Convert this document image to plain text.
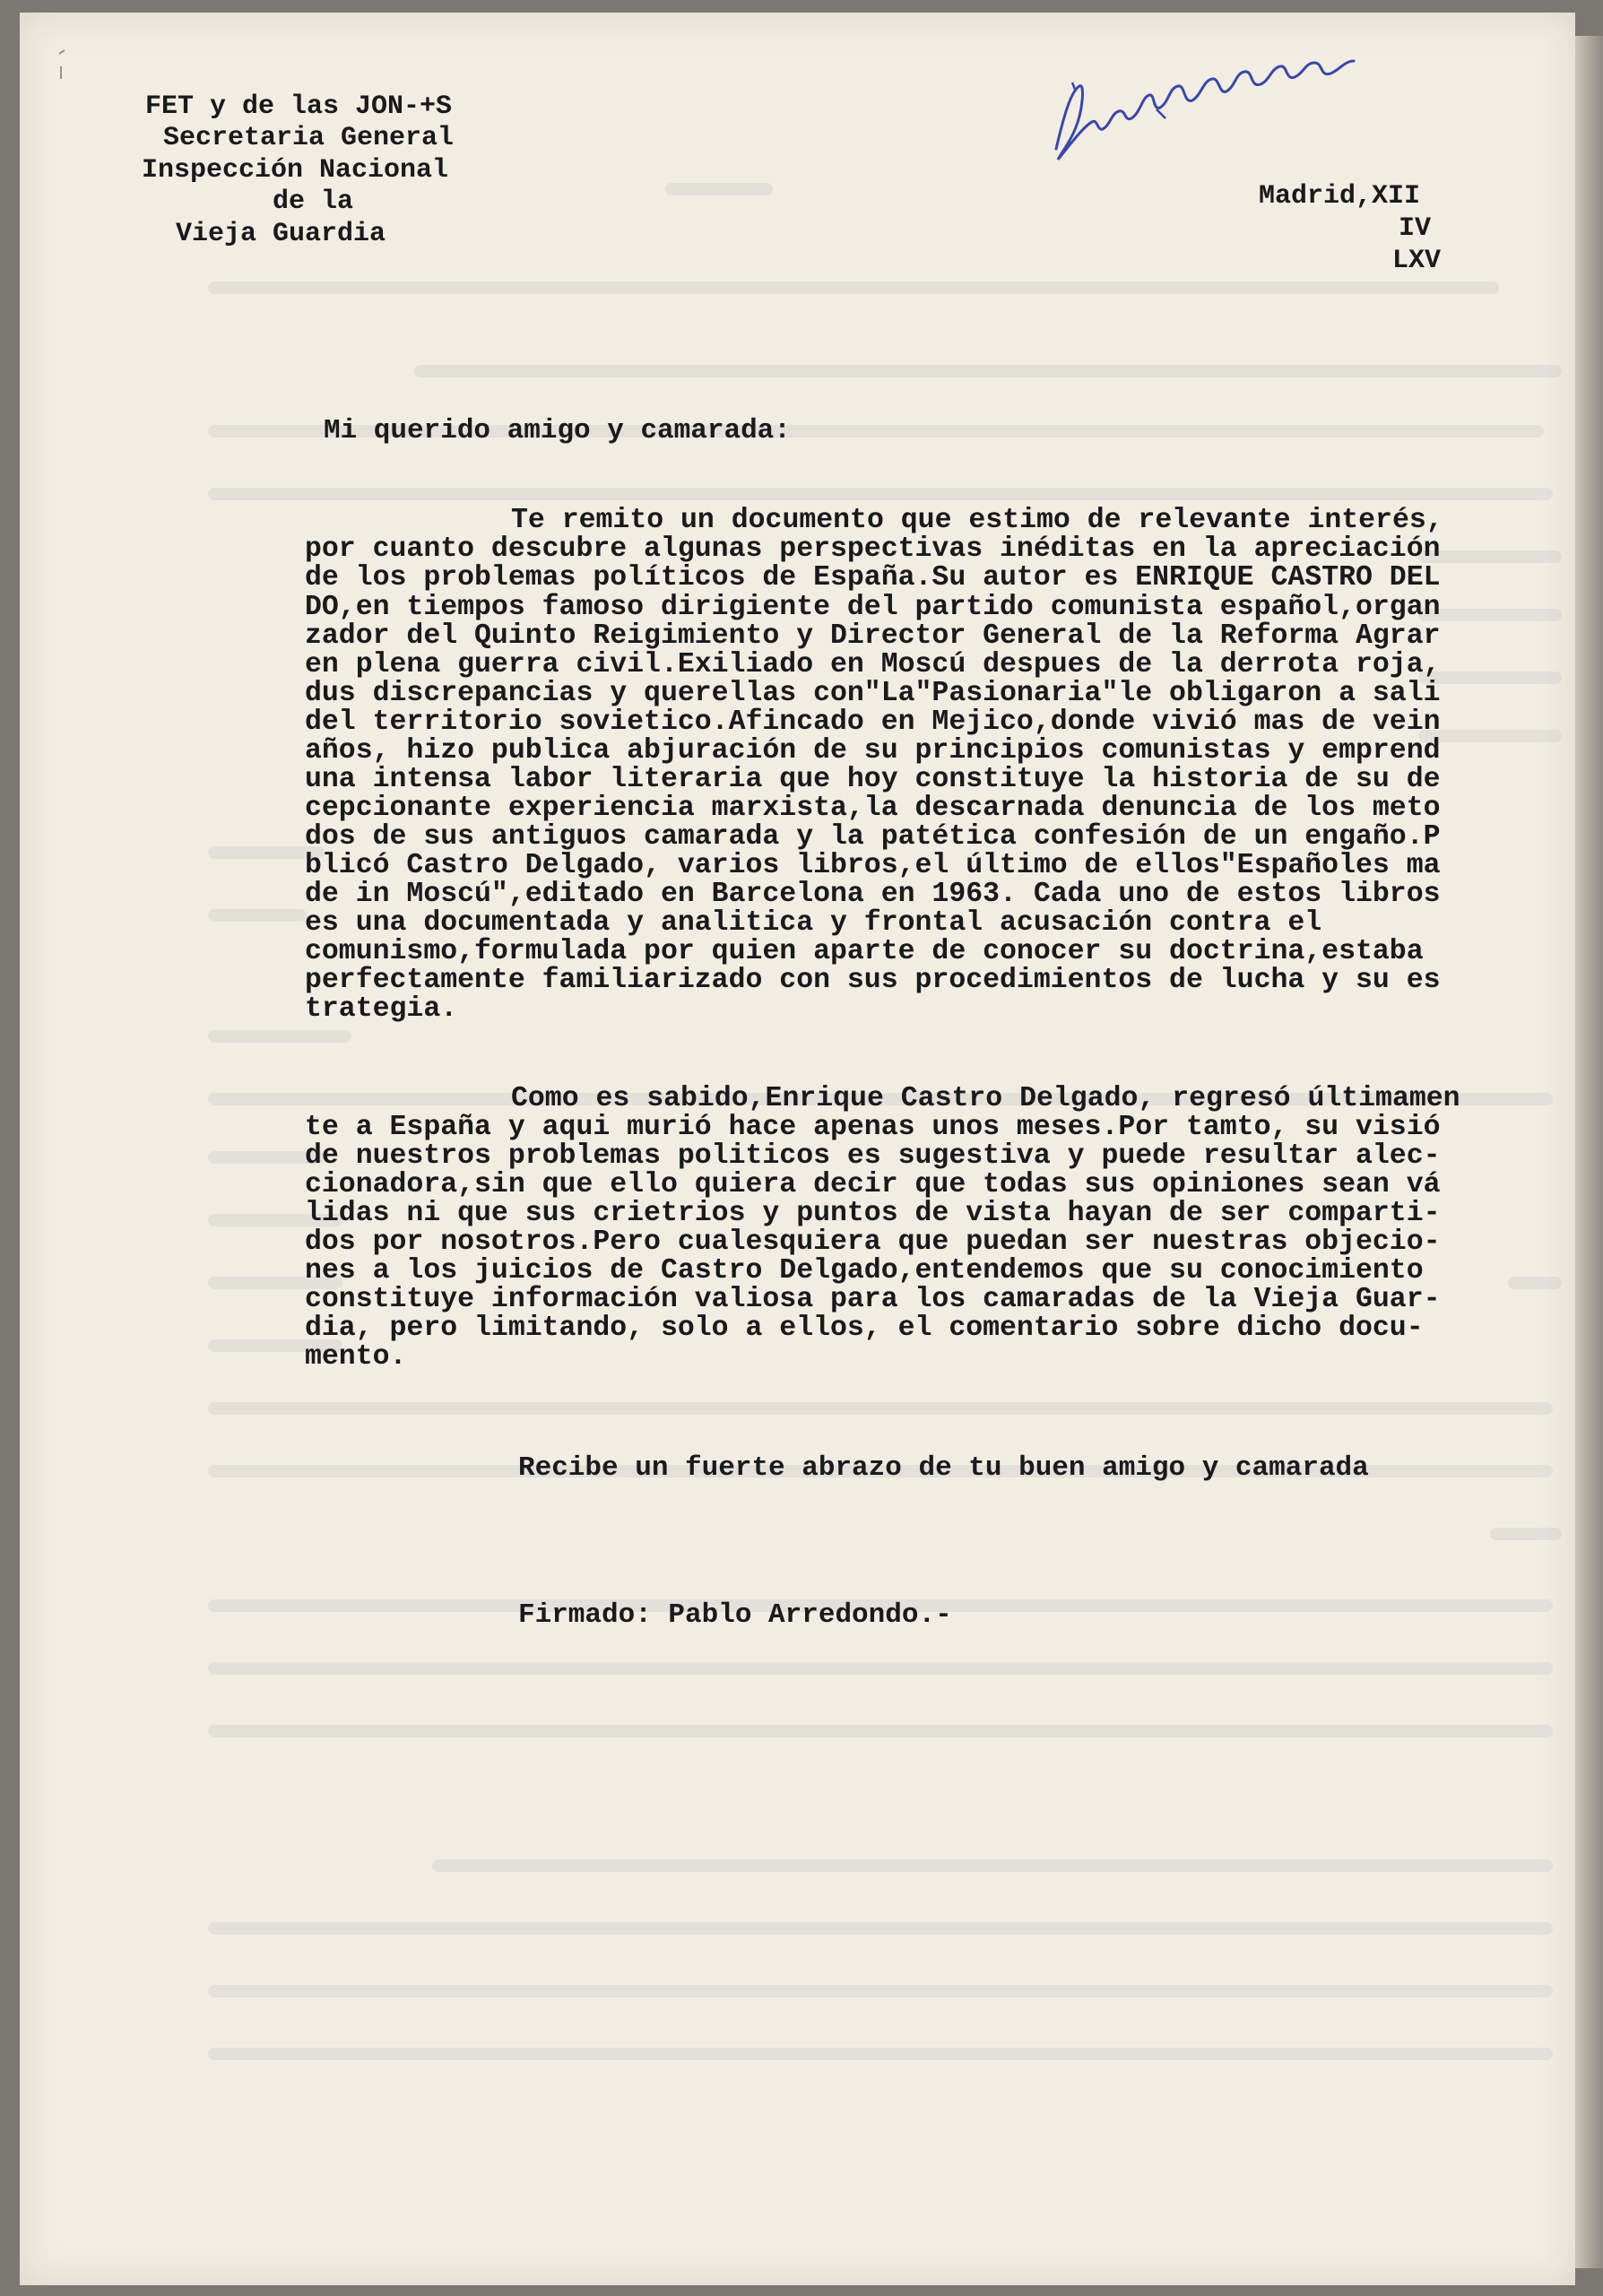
FET y de las JON-+S

Secretaria General

Inspección Nacional

de la

Vieja Guardia

Madrid,XII

IV

LXV

Mi querido amigo y camarada:

Te remito un documento que estimo de relevante interés,

por cuanto descubre algunas perspectivas inéditas en la apreciación

de los problemas políticos de España.Su autor es ENRIQUE CASTRO DEL

DO,en tiempos famoso dirigiente del partido comunista español,organ

zador del Quinto Reigimiento y Director General de la Reforma Agrar

en plena guerra civil.Exiliado en Moscú despues de la derrota roja,

dus discrepancias y querellas con"La"Pasionaria"le obligaron a sali

del territorio sovietico.Afincado en Mejico,donde vivió mas de vein

años, hizo publica abjuración de su principios comunistas y emprend

una intensa labor literaria que hoy constituye la historia de su de

cepcionante experiencia marxista,la descarnada denuncia de los meto

dos de sus antiguos camarada y la patética confesión de un engaño.P

blicó Castro Delgado, varios libros,el último de ellos"Españoles ma

de in Moscú",editado en Barcelona en 1963. Cada uno de estos libros

es una documentada y analitica y frontal acusación contra el

comunismo,formulada por quien aparte de conocer su doctrina,estaba

perfectamente familiarizado con sus procedimientos de lucha y su es

trategia.

Como es sabido,Enrique Castro Delgado, regresó últimamen

te a España y aqui murió hace apenas unos meses.Por tamto, su visió

de nuestros problemas politicos es sugestiva y puede resultar alec-

cionadora,sin que ello quiera decir que todas sus opiniones sean vá

lidas ni que sus crietrios y puntos de vista hayan de ser comparti-

dos por nosotros.Pero cualesquiera que puedan ser nuestras objecio-

nes a los juicios de Castro Delgado,entendemos que su conocimiento

constituye información valiosa para los camaradas de la Vieja Guar-

dia, pero limitando, solo a ellos, el comentario sobre dicho docu-

mento.

Recibe un fuerte abrazo de tu buen amigo y camarada

Firmado: Pablo Arredondo.-
